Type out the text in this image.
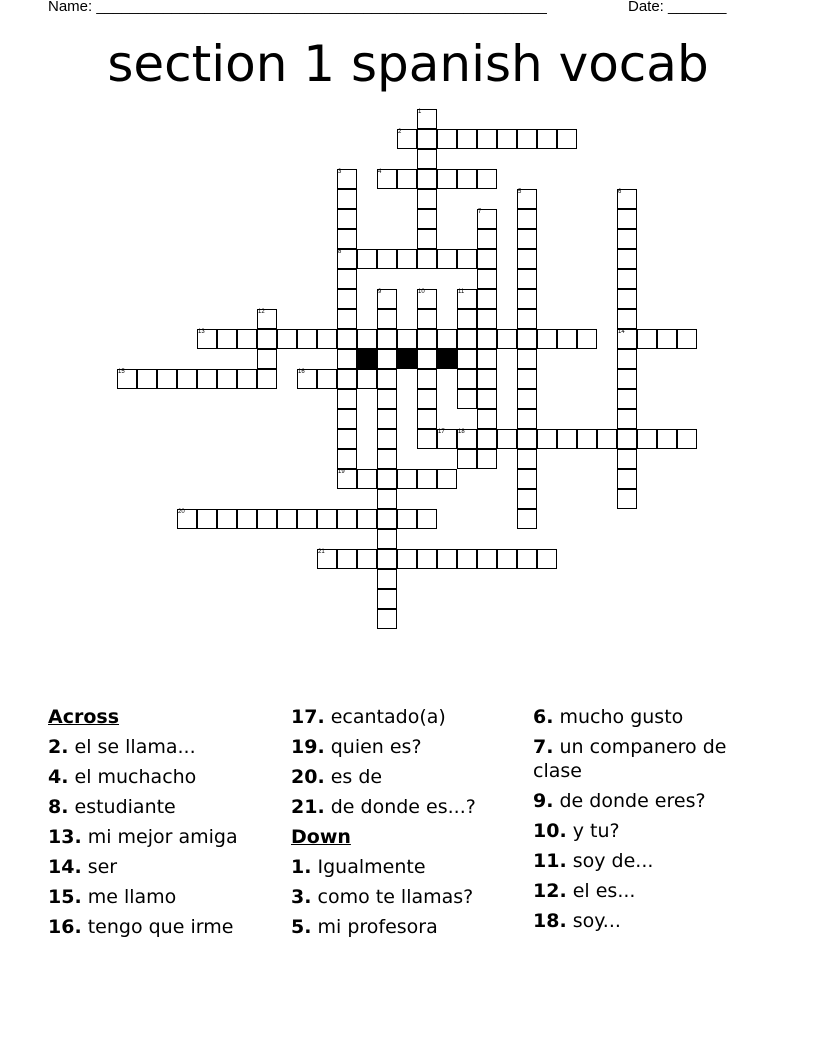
Name: ______________________________________________________	Date: _______
section 1 spanish vocab
1
2
3	4
5	6
7
8
9	10	11
12
13	14
15	16
17 18
19
20
21
Across
2. el se llama...
4. el muchacho
8. estudiante
13. mi mejor amiga
14. ser
15. me llamo
16. tengo que irme
17. ecantado(a)
19. quien es?
20. es de
21. de donde es...?
Down
1. Igualmente
3. como te llamas?
5. mi profesora
6. mucho gusto
7. un companero de clase
9. de donde eres?
10. y tu?
11. soy de...
12. el es...
18. soy...
